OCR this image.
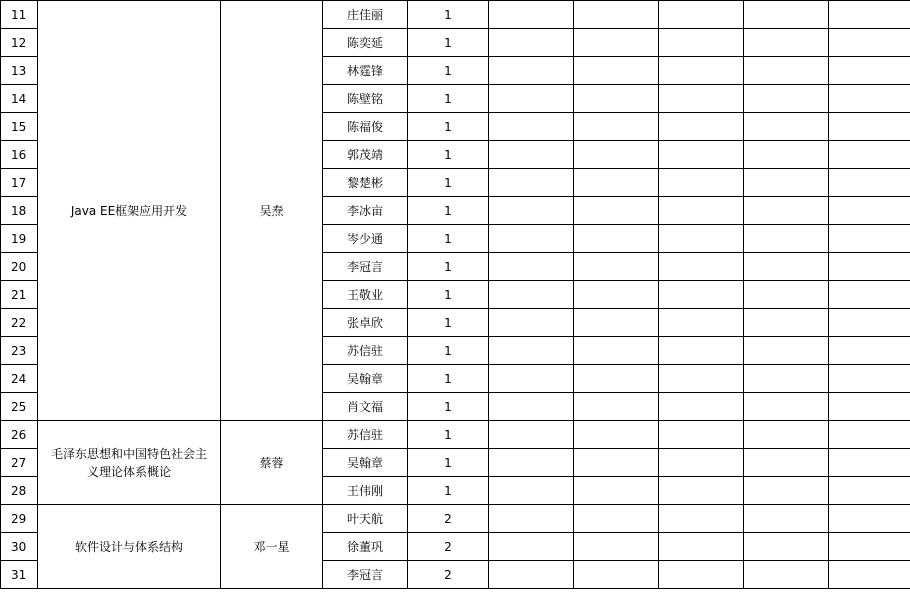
11	Java EE框架应用开发	吴焘	庄佳丽	1					
12			陈奕延	1					
13			林霆锋	1					
14			陈壁铭	1					
15			陈福俊	1					
16			郭茂靖	1					
17			黎楚彬	1					
18			李冰亩	1					
19			岑少通	1					
20			李冠言	1					
21			王敬业	1					
22			张卓欣	1					
23			苏信驻	1					
24			吴翰章	1					
25			肖文福	1					
26	毛泽东思想和中国特色社会主义理论体系概论	蔡蓉	苏信驻	1					
27			吴翰章	1					
28			王伟刚	1					
29	软件设计与体系结构	邓一星	叶天航	2					
30			徐董巩	2					
31			李冠言	2					
